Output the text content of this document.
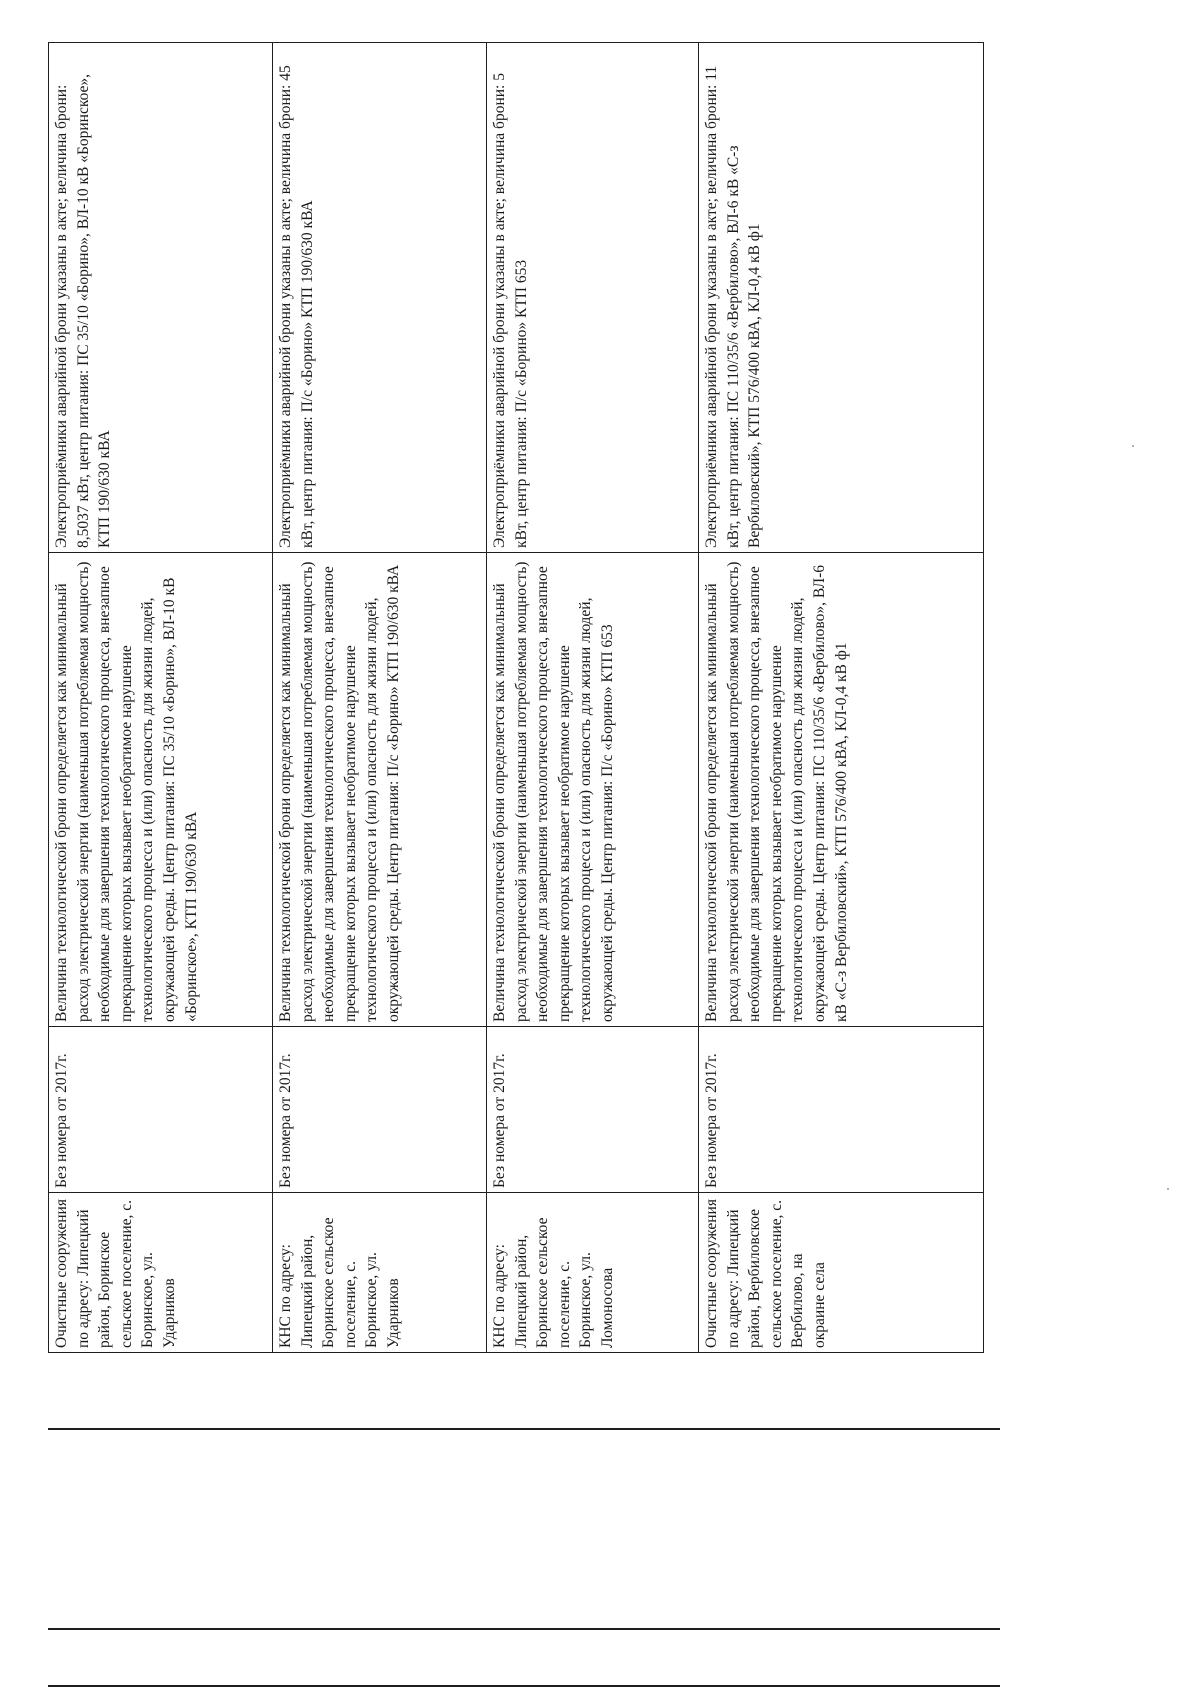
Очистные сооружения по адресу: Липецкий район, Боринское сельское поселение, с. Боринское, ул. Ударников	Без номера от 2017г.	Величина технологической брони определяется как минимальный расход электрической энергии (наименьшая потребляемая мощность) необходимые для завершения технологического процесса, внезапное прекращение которых вызывает необратимое нарушение технологического процесса и (или) опасность для жизни людей, окружающей среды. Центр питания: ПС 35/10 «Борино», ВЛ-10 кВ «Боринское», КТП 190/630 кВА	Электроприёмники аварийной брони указаны в акте; величина брони: 8,5037 кВт, центр питания: ПС 35/10 «Борино», ВЛ-10 кВ «Боринское», КТП 190/630 кВА
КНС по адресу: Липецкий район, Боринское сельское поселение, с. Боринское, ул. Ударников	Без номера от 2017г.	Величина технологической брони определяется как минимальный расход электрической энергии (наименьшая потребляемая мощность) необходимые для завершения технологического процесса, внезапное прекращение которых вызывает необратимое нарушение технологического процесса и (или) опасность для жизни людей, окружающей среды. Центр питания: П/с «Борино» КТП 190/630 кВА	Электроприёмники аварийной брони указаны в акте; величина брони: 45 кВт, центр питания: П/с «Борино» КТП 190/630 кВА
КНС по адресу: Липецкий район, Боринское сельское поселение, с. Боринское, ул. Ломоносова	Без номера от 2017г.	Величина технологической брони определяется как минимальный расход электрической энергии (наименьшая потребляемая мощность) необходимые для завершения технологического процесса, внезапное прекращение которых вызывает необратимое нарушение технологического процесса и (или) опасность для жизни людей, окружающей среды. Центр питания: П/с «Борино» КТП 653	Электроприёмники аварийной брони указаны в акте; величина брони: 5 кВт, центр питания: П/с «Борино» КТП 653
Очистные сооружения по адресу: Липецкий район, Вербиловское сельское поселение, с. Вербилово, на окраине села	Без номера от 2017г.	Величина технологической брони определяется как минимальный расход электрической энергии (наименьшая потребляемая мощность) необходимые для завершения технологического процесса, внезапное прекращение которых вызывает необратимое нарушение технологического процесса и (или) опасность для жизни людей, окружающей среды. Центр питания: ПС 110/35/6 «Вербилово», ВЛ-6 кВ «С-з Вербиловский», КТП 576/400 кВА, КЛ-0,4 кВ ф1	Электроприёмники аварийной брони указаны в акте; величина брони: 11 кВт, центр питания: ПС 110/35/6 «Вербилово», ВЛ-6 кВ «С-з Вербиловский», КТП 576/400 кВА, КЛ-0,4 кВ ф1
